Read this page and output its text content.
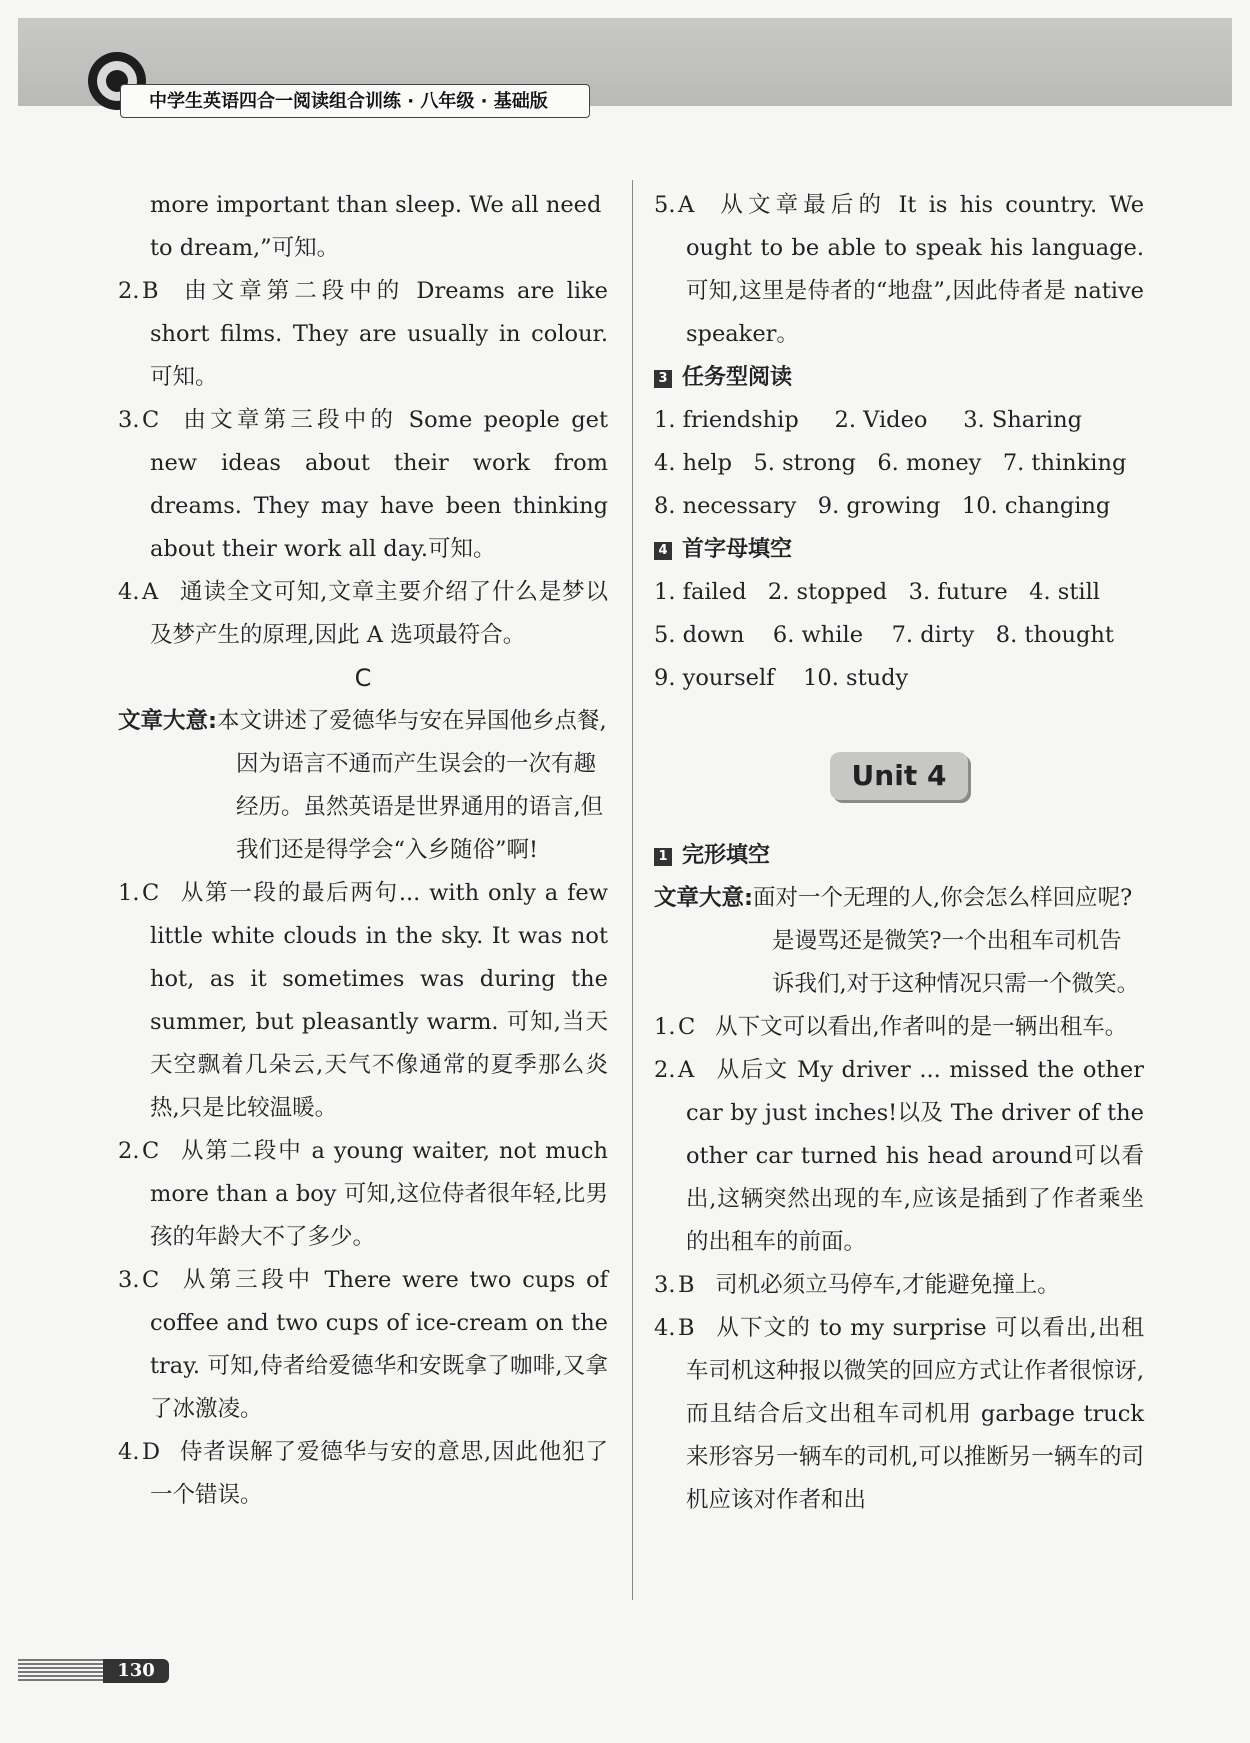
中学生英语四合一阅读组合训练 · 八年级 · 基础版

more important than sleep. We all need

to dream,”可知。

2. B 由文章第二段中的 Dreams are like short films. They are usually in colour. 可知。

3. C 由文章第三段中的 Some people get new ideas about their work from dreams. They may have been thinking about their work all day.可知。

4. A 通读全文可知,文章主要介绍了什么是梦以及梦产生的原理,因此 A 选项最符合。

C

文章大意:本文讲述了爱德华与安在异国他乡点餐,因为语言不通而产生误会的一次有趣经历。虽然英语是世界通用的语言,但我们还是得学会“入乡随俗”啊!

1. C 从第一段的最后两句... with only a few little white clouds in the sky. It was not hot, as it sometimes was during the summer, but pleasantly warm. 可知,当天天空飘着几朵云,天气不像通常的夏季那么炎热,只是比较温暖。

2. C 从第二段中 a young waiter, not much more than a boy 可知,这位侍者很年轻,比男孩的年龄大不了多少。

3. C 从第三段中 There were two cups of coffee and two cups of ice-cream on the tray. 可知,侍者给爱德华和安既拿了咖啡,又拿了冰激凌。

4. D 侍者误解了爱德华与安的意思,因此他犯了一个错误。

5. A 从文章最后的 It is his country. We ought to be able to speak his language. 可知,这里是侍者的“地盘”,因此侍者是 native speaker。

3 任务型阅读

1. friendship     2. Video     3. Sharing

4. help   5. strong   6. money   7. thinking

8. necessary   9. growing   10. changing

4 首字母填空

1. failed   2. stopped   3. future   4. still

5. down    6. while    7. dirty   8. thought

9. yourself    10. study

Unit 4

1 完形填空

文章大意:面对一个无理的人,你会怎么样回应呢?是谩骂还是微笑?一个出租车司机告诉我们,对于这种情况只需一个微笑。

1. C 从下文可以看出,作者叫的是一辆出租车。

2. A 从后文 My driver ... missed the other car by just inches!以及 The driver of the other car turned his head around可以看出,这辆突然出现的车,应该是插到了作者乘坐的出租车的前面。

3. B 司机必须立马停车,才能避免撞上。

4. B 从下文的 to my surprise 可以看出,出租车司机这种报以微笑的回应方式让作者很惊讶,而且结合后文出租车司机用 garbage truck 来形容另一辆车的司机,可以推断另一辆车的司机应该对作者和出

130
